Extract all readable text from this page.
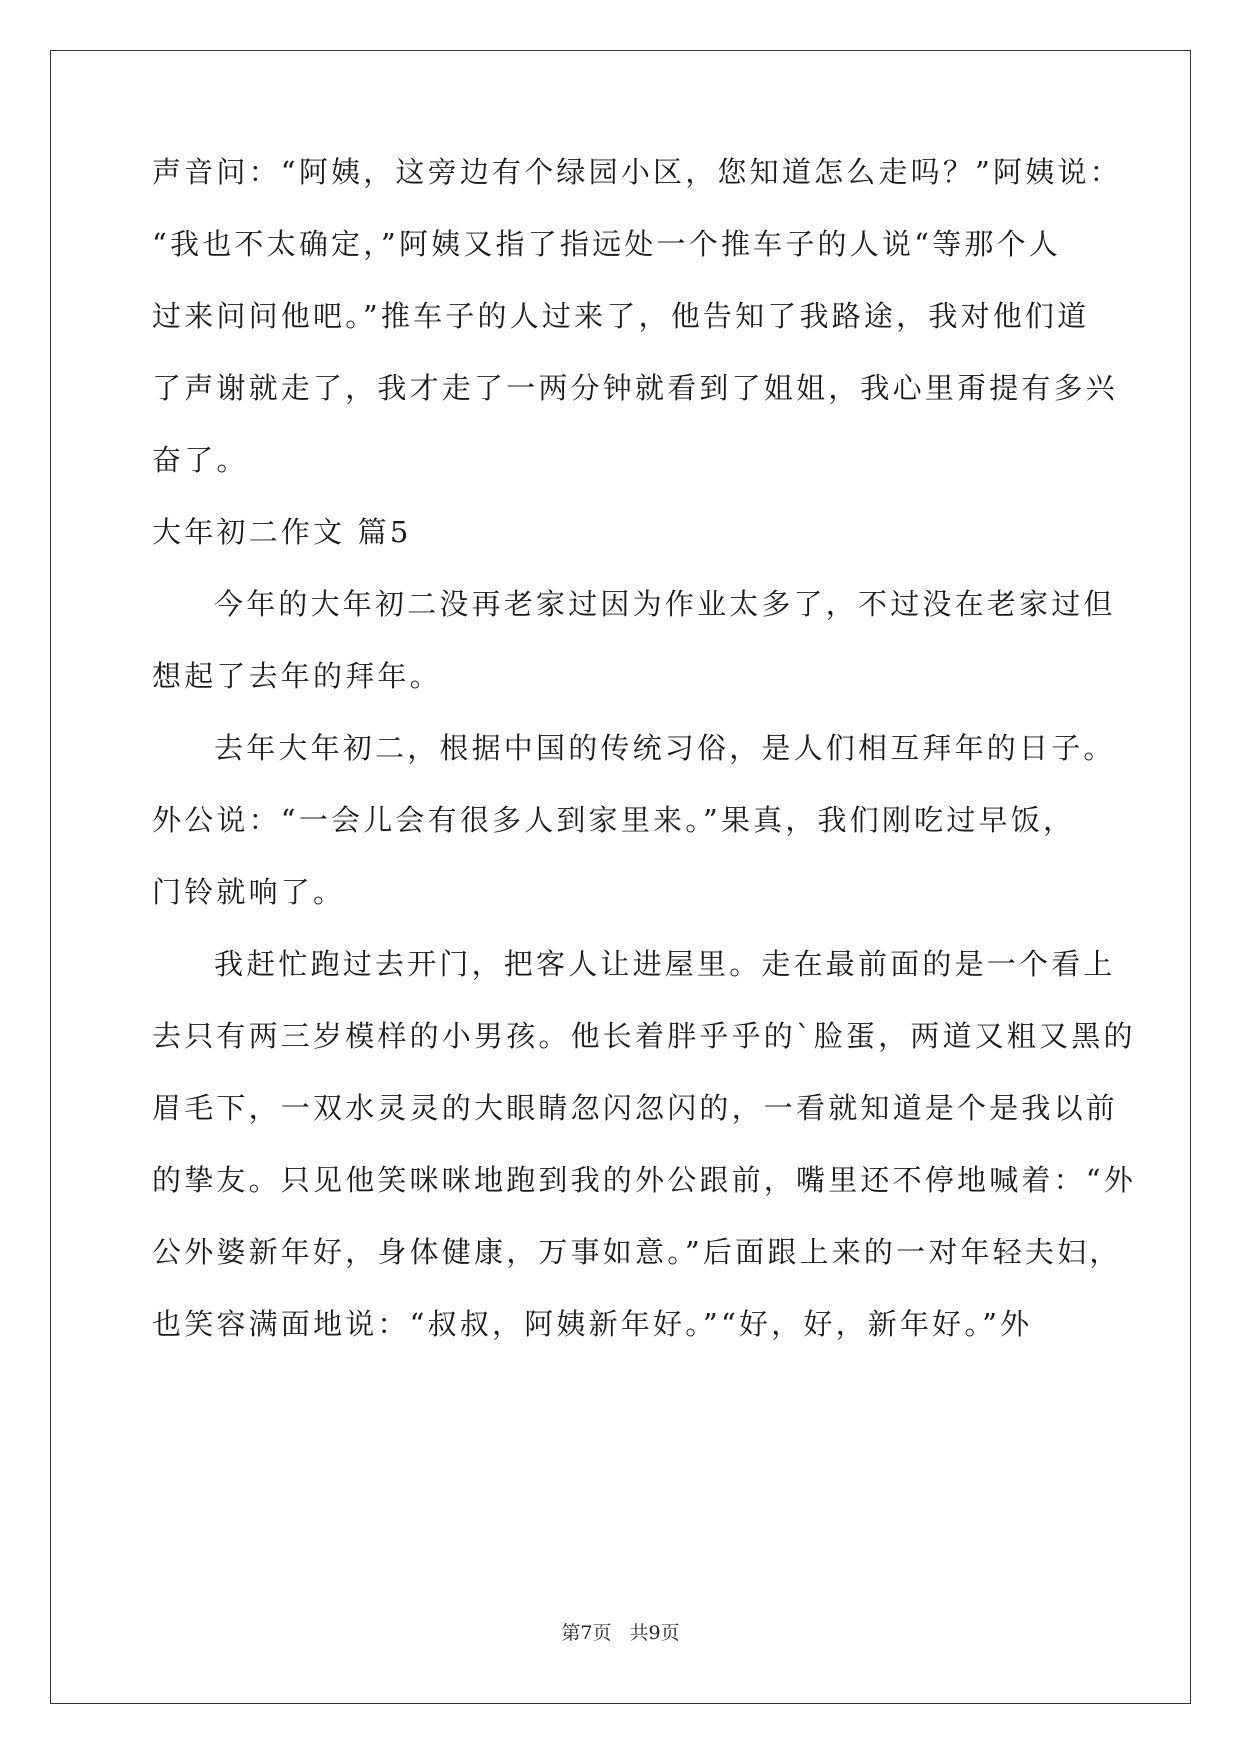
声音问：“阿姨，这旁边有个绿园小区，您知道怎么走吗？”阿姨说：
“我也不太确定，”阿姨又指了指远处一个推车子的人说“等那个人
过来问问他吧。”推车子的人过来了，他告知了我路途，我对他们道
了声谢就走了，我才走了一两分钟就看到了姐姐，我心里甭提有多兴
奋了。
大年初二作文 篇5
今年的大年初二没再老家过因为作业太多了，不过没在老家过但
想起了去年的拜年。
去年大年初二，根据中国的传统习俗，是人们相互拜年的日子。
外公说：“一会儿会有很多人到家里来。”果真，我们刚吃过早饭，
门铃就响了。
我赶忙跑过去开门，把客人让进屋里。走在最前面的是一个看上
去只有两三岁模样的小男孩。他长着胖乎乎的`脸蛋，两道又粗又黑的
眉毛下，一双水灵灵的大眼睛忽闪忽闪的，一看就知道是个是我以前
的挚友。只见他笑咪咪地跑到我的外公跟前，嘴里还不停地喊着：“外
公外婆新年好，身体健康，万事如意。”后面跟上来的一对年轻夫妇，
也笑容满面地说：“叔叔，阿姨新年好。”“好，好，新年好。”外
第7页 共9页
